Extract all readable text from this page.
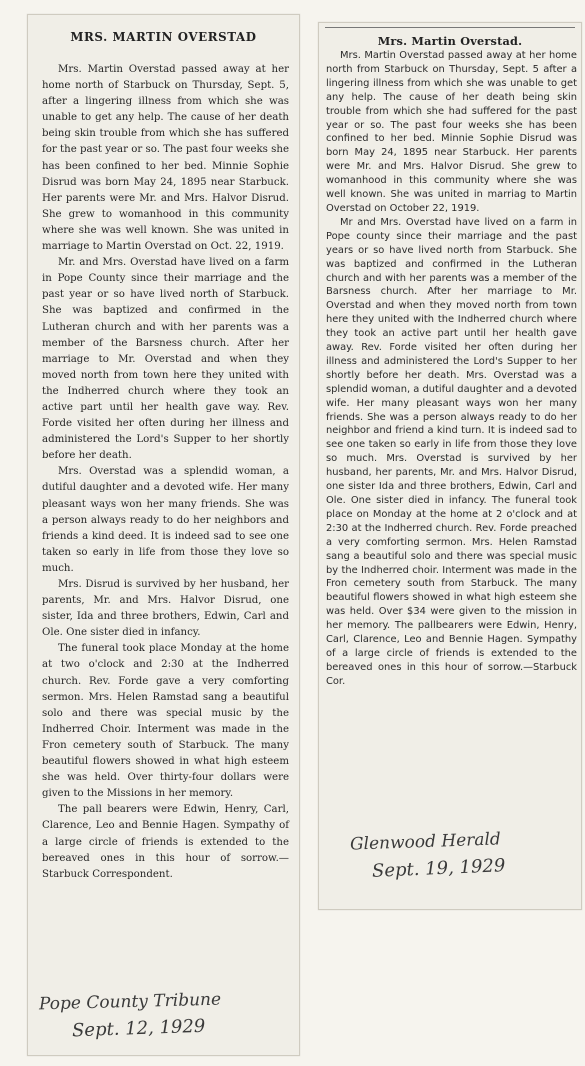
MRS. MARTIN OVERSTAD

Mrs. Martin Overstad passed away at her home north of Starbuck on Thursday, Sept. 5, after a lingering illness from which she was unable to get any help. The cause of her death being skin trouble from which she has suffered for the past year or so. The past four weeks she has been confined to her bed. Minnie Sophie Disrud was born May 24, 1895 near Starbuck. Her parents were Mr. and Mrs. Halvor Disrud. She grew to womanhood in this community where she was well known. She was united in marriage to Martin Overstad on Oct. 22, 1919.

Mr. and Mrs. Overstad have lived on a farm in Pope County since their marriage and the past year or so have lived north of Starbuck. She was baptized and confirmed in the Lutheran church and with her parents was a member of the Barsness church. After her marriage to Mr. Overstad and when they moved north from town here they united with the Indherred church where they took an active part until her health gave way. Rev. Forde visited her often during her illness and administered the Lord's Supper to her shortly before her death.

Mrs. Overstad was a splendid woman, a dutiful daughter and a devoted wife. Her many pleasant ways won her many friends. She was a person always ready to do her neighbors and friends a kind deed. It is indeed sad to see one taken so early in life from those they love so much.

Mrs. Disrud is survived by her husband, her parents, Mr. and Mrs. Halvor Disrud, one sister, Ida and three brothers, Edwin, Carl and Ole. One sister died in infancy.

The funeral took place Monday at the home at two o'clock and 2:30 at the Indherred church. Rev. Forde gave a very comforting sermon. Mrs. Helen Ramstad sang a beautiful solo and there was special music by the Indherred Choir. Interment was made in the Fron cemetery south of Starbuck. The many beautiful flowers showed in what high esteem she was held. Over thirty-four dollars were given to the Missions in her memory.

The pall bearers were Edwin, Henry, Carl, Clarence, Leo and Bennie Hagen. Sympathy of a large circle of friends is extended to the bereaved ones in this hour of sorrow.—Starbuck Correspondent.

Mrs. Martin Overstad.

Mrs. Martin Overstad passed away at her home north from Starbuck on Thursday, Sept. 5 after a lingering illness from which she was unable to get any help. The cause of her death being skin trouble from which she had suffered for the past year or so. The past four weeks she has been confined to her bed. Minnie Sophie Disrud was born May 24, 1895 near Starbuck. Her parents were Mr. and Mrs. Halvor Disrud. She grew to womanhood in this community where she was well known. She was united in marriag to Martin Overstad on October 22, 1919.

Mr and Mrs. Overstad have lived on a farm in Pope county since their marriage and the past years or so have lived north from Starbuck. She was baptized and confirmed in the Lutheran church and with her parents was a member of the Barsness church. After her marriage to Mr. Overstad and when they moved north from town here they united with the Indherred church where they took an active part until her health gave away. Rev. Forde visited her often during her illness and administered the Lord's Supper to her shortly before her death. Mrs. Overstad was a splendid woman, a dutiful daughter and a devoted wife. Her many pleasant ways won her many friends. She was a person always ready to do her neighbor and friend a kind turn. It is indeed sad to see one taken so early in life from those they love so much. Mrs. Overstad is survived by her husband, her parents, Mr. and Mrs. Halvor Disrud, one sister Ida and three brothers, Edwin, Carl and Ole. One sister died in infancy. The funeral took place on Monday at the home at 2 o'clock and at 2:30 at the Indherred church. Rev. Forde preached a very comforting sermon. Mrs. Helen Ramstad sang a beautiful solo and there was special music by the Indherred choir. Interment was made in the Fron cemetery south from Starbuck. The many beautiful flowers showed in what high esteem she was held. Over $34 were given to the mission in her memory. The pallbearers were Edwin, Henry, Carl, Clarence, Leo and Bennie Hagen. Sympathy of a large circle of friends is extended to the bereaved ones in this hour of sorrow.—Starbuck Cor.

Pope County Tribune
Sept. 12, 1929
Glenwood Herald
Sept. 19, 1929
